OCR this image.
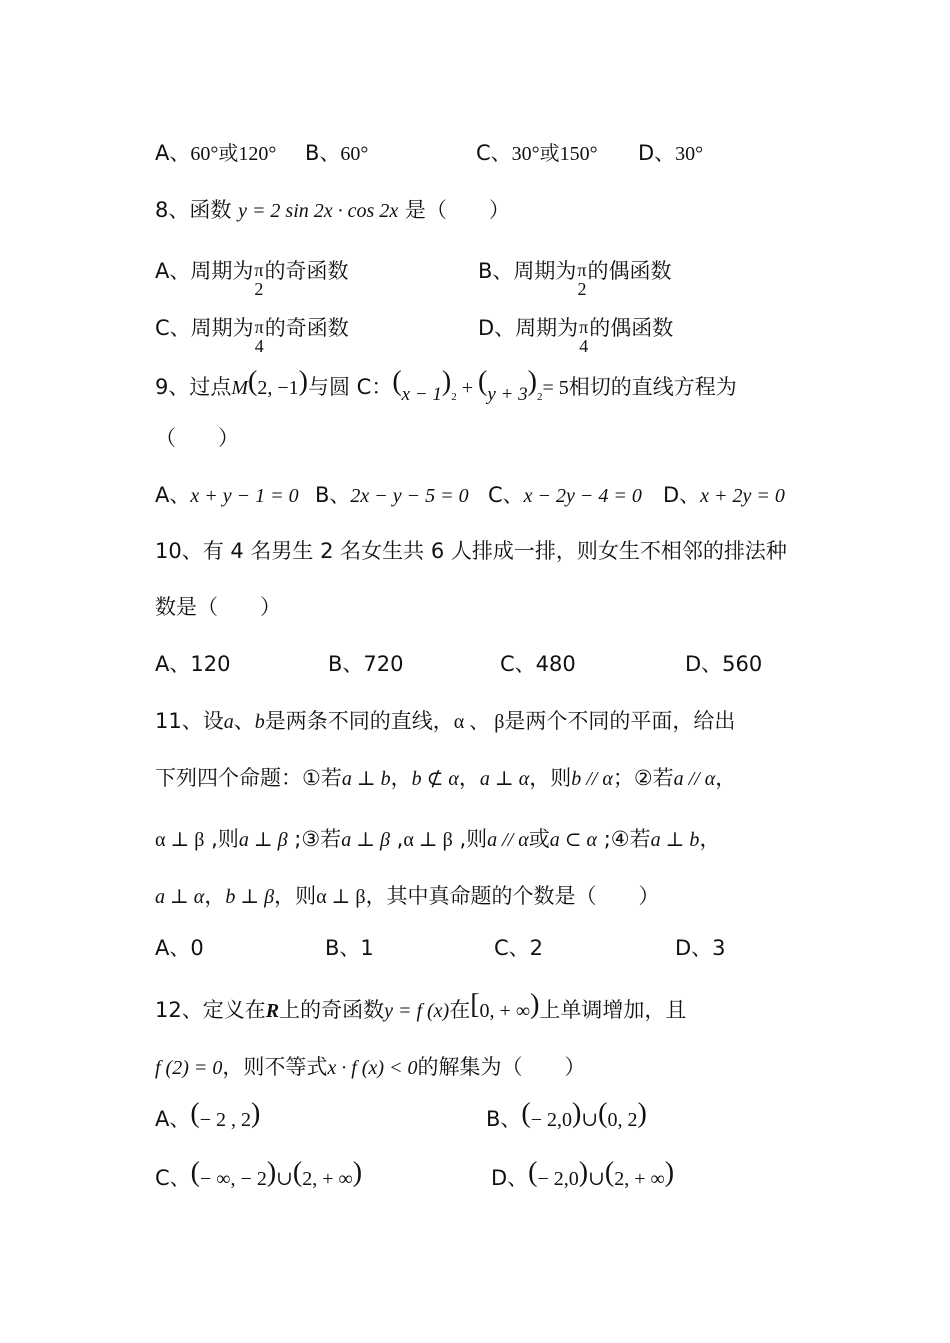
A、60°或120° B、60°	C、30°或150° D、30°
8、函数 y = 2 sin 2x · cos 2x 是（　　）
A、周期为 π
2
的奇函数	B、周期为 π
2
的偶函数
C、周期为 π
4
的奇函数	D、周期为 π
4
的偶函数
9、过点M(2, −1)与圆 C：$(x - 1)_2 + (y + 3)_2= 5$相切的直线方程为
（　　）
A、x + y − 1 = 0 B、2x − y − 5 = 0 C、x − 2y − 4 = 0 D、x + 2y = 0
10、有 4 名男生 2 名女生共 6 人排成一排，则女生不相邻的排法种
数是（　　）
A、120	B、720	C、480	D、560
11、设a、b是两条不同的直线，α 、 β是两个不同的平面，给出
下列四个命题：①若a ⊥ b，b ⊄ α，a ⊥ α，则b // α；②若a // α，
α ⊥ β ,则a ⊥ β ;③若a ⊥ β ,α ⊥ β ,则a // α或a ⊂ α ;④若a ⊥ b，
a ⊥ α，b ⊥ β，则α ⊥ β，其中真命题的个数是（　　）
A、0	B、1	C、2	D、3
12、定义在R上的奇函数y = f (x)在[0, + ∞)上单调增加，且
f (2) = 0，则不等式x · f (x) < 0的解集为（　　）
A、(− 2 , 2)	B、(− 2,0)∪(0, 2)
C、(− ∞, − 2)∪(2, + ∞)	D、(− 2,0)∪(2, + ∞)
